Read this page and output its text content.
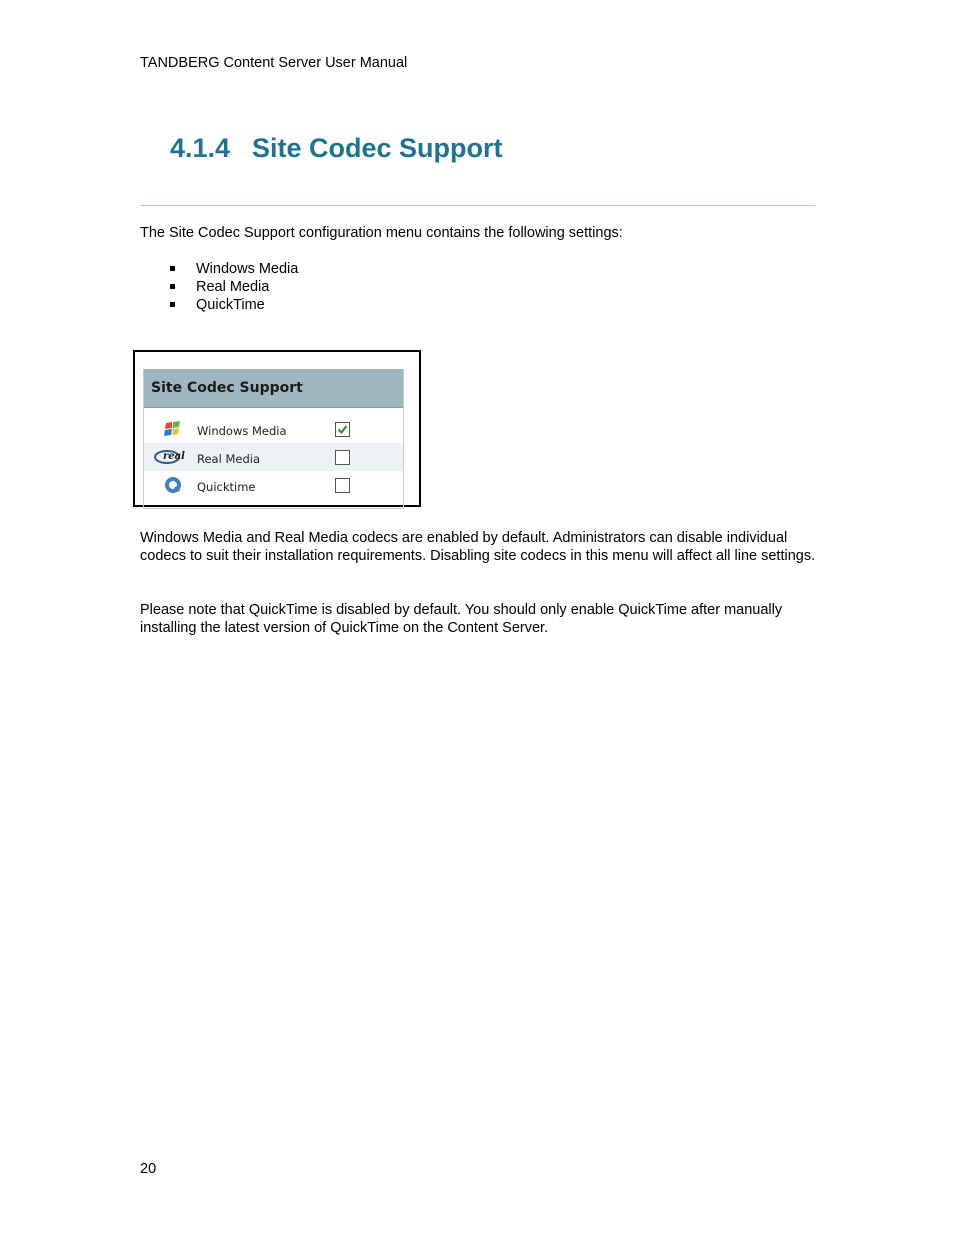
TANDBERG Content Server User Manual
4.1.4 Site Codec Support

The Site Codec Support configuration menu contains the following settings:

Windows Media
Real Media
QuickTime
Site Codec Support
Windows Media
real Real Media
Quicktime

Windows Media and Real Media codecs are enabled by default. Administrators can disable individual codecs to suit their installation requirements. Disabling site codecs in this menu will affect all line settings.

Please note that QuickTime is disabled by default. You should only enable QuickTime after manually installing the latest version of QuickTime on the Content Server.

20
